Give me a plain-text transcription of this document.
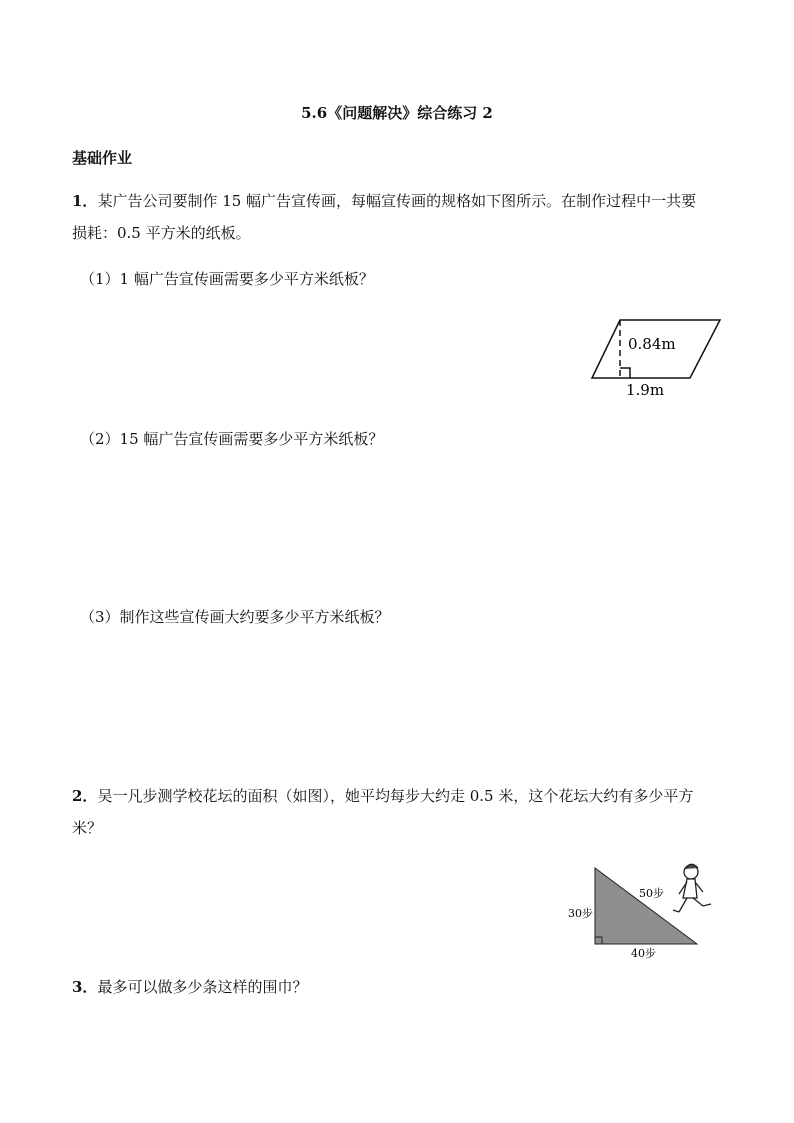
5.6《问题解决》综合练习 2
基础作业
1．某广告公司要制作 15 幅广告宣传画，每幅宣传画的规格如下图所示。在制作过程中一共要
损耗：0.5 平方米的纸板。
（1）1 幅广告宣传画需要多少平方米纸板？
0.84m
1.9m
（2）15 幅广告宣传画需要多少平方米纸板？
（3）制作这些宣传画大约要多少平方米纸板？
2．吴一凡步测学校花坛的面积（如图），她平均每步大约走 0.5 米，这个花坛大约有多少平方
米？
30步
50步
40步
3．最多可以做多少条这样的围巾？
